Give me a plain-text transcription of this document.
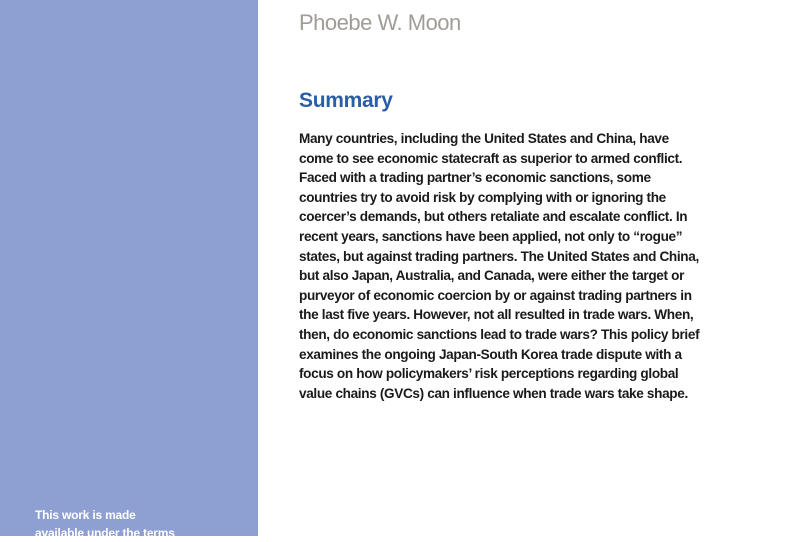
This work is made
available under the terms
Phoebe W. Moon
Summary
Many countries, including the United States and China, have
come to see economic statecraft as superior to armed conflict.
Faced with a trading partner’s economic sanctions, some
countries try to avoid risk by complying with or ignoring the
coercer’s demands, but others retaliate and escalate conflict. In
recent years, sanctions have been applied, not only to “rogue”
states, but against trading partners. The United States and China,
but also Japan, Australia, and Canada, were either the target or
purveyor of economic coercion by or against trading partners in
the last five years. However, not all resulted in trade wars. When,
then, do economic sanctions lead to trade wars? This policy brief
examines the ongoing Japan-South Korea trade dispute with a
focus on how policymakers’ risk perceptions regarding global
value chains (GVCs) can influence when trade wars take shape.
